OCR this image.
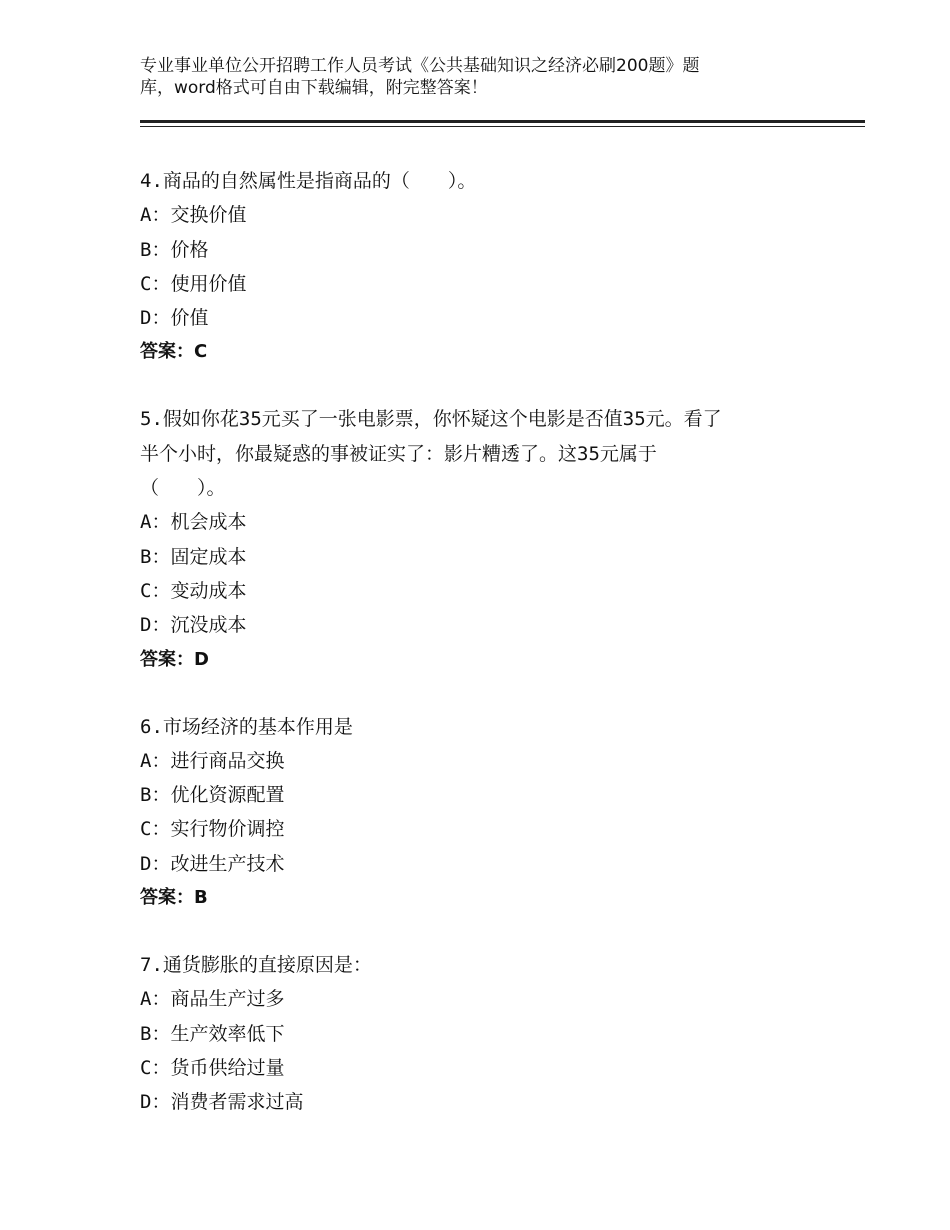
专业事业单位公开招聘工作人员考试《公共基础知识之经济必刷200题》题
库，word格式可自由下载编辑，附完整答案！
4.商品的自然属性是指商品的（　　）。
A：交换价值
B：价格
C：使用价值
D：价值
答案：C
5.假如你花35元买了一张电影票，你怀疑这个电影是否值35元。看了
半个小时，你最疑惑的事被证实了：影片糟透了。这35元属于
（　　）。
A：机会成本
B：固定成本
C：变动成本
D：沉没成本
答案：D
6.市场经济的基本作用是
A：进行商品交换
B：优化资源配置
C：实行物价调控
D：改进生产技术
答案：B
7.通货膨胀的直接原因是：
A：商品生产过多
B：生产效率低下
C：货币供给过量
D：消费者需求过高
